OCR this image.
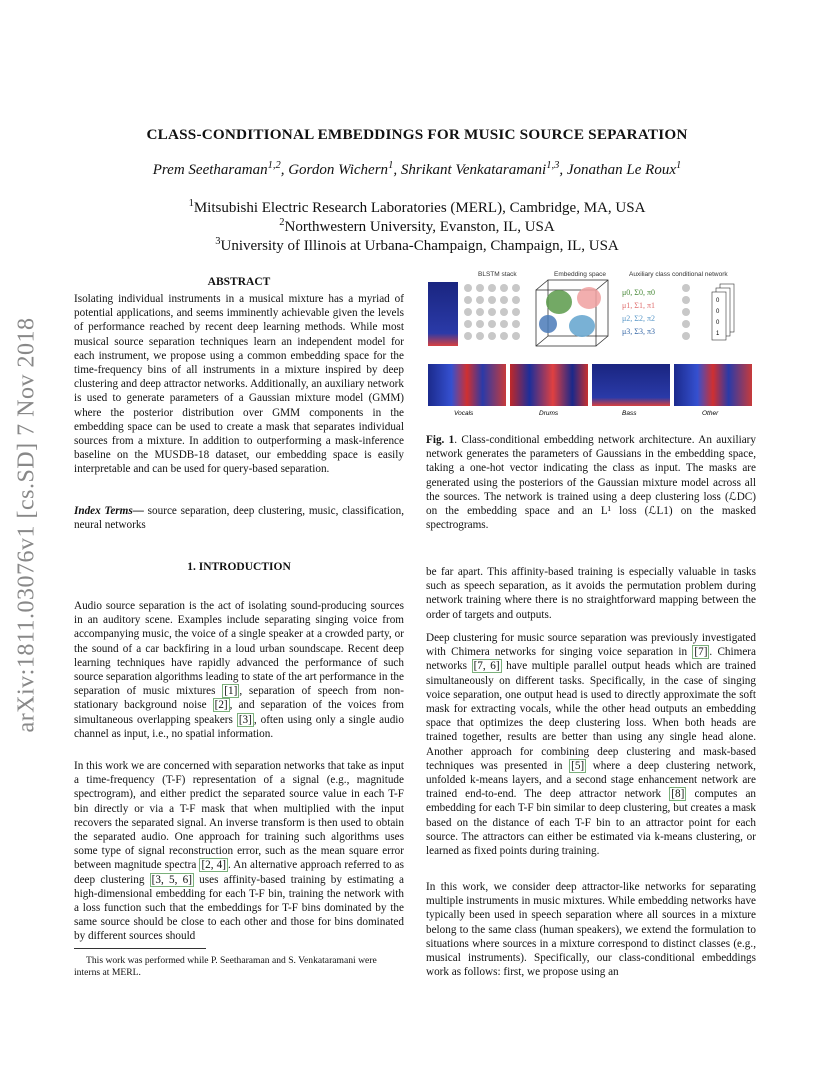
arXiv:1811.03076v1 [cs.SD] 7 Nov 2018
CLASS-CONDITIONAL EMBEDDINGS FOR MUSIC SOURCE SEPARATION
Prem Seetharaman$^{1,2}$, Gordon Wichern$^1$, Shrikant Venkataramani$^{1,3}$, Jonathan Le Roux$^1$
$^1$Mitsubishi Electric Research Laboratories (MERL), Cambridge, MA, USA
$^2$Northwestern University, Evanston, IL, USA
$^3$University of Illinois at Urbana-Champaign, Champaign, IL, USA
ABSTRACT
Isolating individual instruments in a musical mixture has a myriad of potential applications, and seems imminently achievable given the levels of performance reached by recent deep learning methods. While most musical source separation techniques learn an independent model for each instrument, we propose using a common embedding space for the time-frequency bins of all instruments in a mixture inspired by deep clustering and deep attractor networks. Additionally, an auxiliary network is used to generate parameters of a Gaussian mixture model (GMM) where the posterior distribution over GMM components in the embedding space can be used to create a mask that separates individual sources from a mixture. In addition to outperforming a mask-inference baseline on the MUSDB-18 dataset, our embedding space is easily interpretable and can be used for query-based separation.
Index Terms— source separation, deep clustering, music, classification, neural networks
1. INTRODUCTION
Audio source separation is the act of isolating sound-producing sources in an auditory scene. Examples include separating singing voice from accompanying music, the voice of a single speaker at a crowded party, or the sound of a car backfiring in a loud urban soundscape. Recent deep learning techniques have rapidly advanced the performance of such source separation algorithms leading to state of the art performance in the separation of music mixtures [1] , separation of speech from non-stationary background noise [2] , and separation of the voices from simultaneous overlapping speakers [3] , often using only a single audio channel as input, i.e., no spatial information.
In this work we are concerned with separation networks that take as input a time-frequency (T-F) representation of a signal (e.g., magnitude spectrogram), and either predict the separated source value in each T-F bin directly or via a T-F mask that when multiplied with the input recovers the separated signal. An inverse transform is then used to obtain the separated audio. One approach for training such algorithms uses some type of signal reconstruction error, such as the mean square error between magnitude spectra [2, 4] . An alternative approach referred to as deep clustering [3, 5, 6] uses affinity-based training by estimating a high-dimensional embedding for each T-F bin, training the network with a loss function such that the embeddings for T-F bins dominated by the same source should be close to each other and those for bins dominated by different sources should
This work was performed while P. Seetharaman and S. Venkataramani were interns at MERL.
BLSTM stack	Embedding space	Auxiliary class conditional network
μ0, Σ0, π0
μ1, Σ1, π1
μ2, Σ2, π2
μ3, Σ3, π3
0
0
0
1
Vocals	Drums	Bass	Other
Fig. 1. Class-conditional embedding network architecture. An auxiliary network generates the parameters of Gaussians in the embedding space, taking a one-hot vector indicating the class as input. The masks are generated using the posteriors of the Gaussian mixture model across all the sources. The network is trained using a deep clustering loss (ℒDC) on the embedding space and an L¹ loss (ℒL1) on the masked spectrograms.
be far apart. This affinity-based training is especially valuable in tasks such as speech separation, as it avoids the permutation problem during network training where there is no straightforward mapping between the order of targets and outputs.
Deep clustering for music source separation was previously investigated with Chimera networks for singing voice separation in [7] . Chimera networks [7, 6] have multiple parallel output heads which are trained simultaneously on different tasks. Specifically, in the case of singing voice separation, one output head is used to directly approximate the soft mask for extracting vocals, while the other head outputs an embedding space that optimizes the deep clustering loss. When both heads are trained together, results are better than using any single head alone. Another approach for combining deep clustering and mask-based techniques was presented in [5] where a deep clustering network, unfolded k-means layers, and a second stage enhancement network are trained end-to-end. The deep attractor network [8] computes an embedding for each T-F bin similar to deep clustering, but creates a mask based on the distance of each T-F bin to an attractor point for each source. The attractors can either be estimated via k-means clustering, or learned as fixed points during training.
In this work, we consider deep attractor-like networks for separating multiple instruments in music mixtures. While embedding networks have typically been used in speech separation where all sources in a mixture belong to the same class (human speakers), we extend the formulation to situations where sources in a mixture correspond to distinct classes (e.g., musical instruments). Specifically, our class-conditional embeddings work as follows: first, we propose using an
